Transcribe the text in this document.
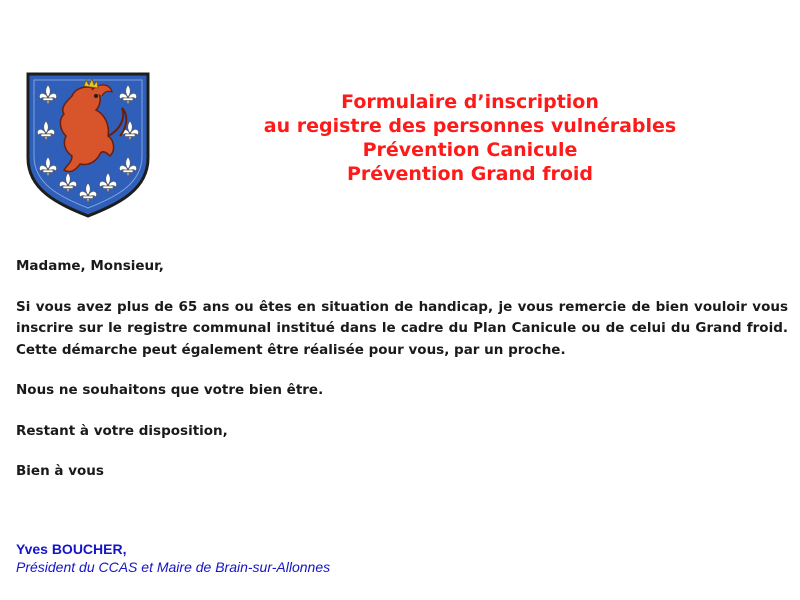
Formulaire d’inscription
au registre des personnes vulnérables
Prévention Canicule
Prévention Grand froid

Madame, Monsieur,

Si vous avez plus de 65 ans ou êtes en situation de handicap, je vous remercie de bien vouloir vous inscrire sur le registre communal institué dans le cadre du Plan Canicule ou de celui du Grand froid. Cette démarche peut également être réalisée pour vous, par un proche.

Nous ne souhaitons que votre bien être.

Restant à votre disposition,

Bien à vous

Yves BOUCHER,
Président du CCAS et Maire de Brain-sur-Allonnes
